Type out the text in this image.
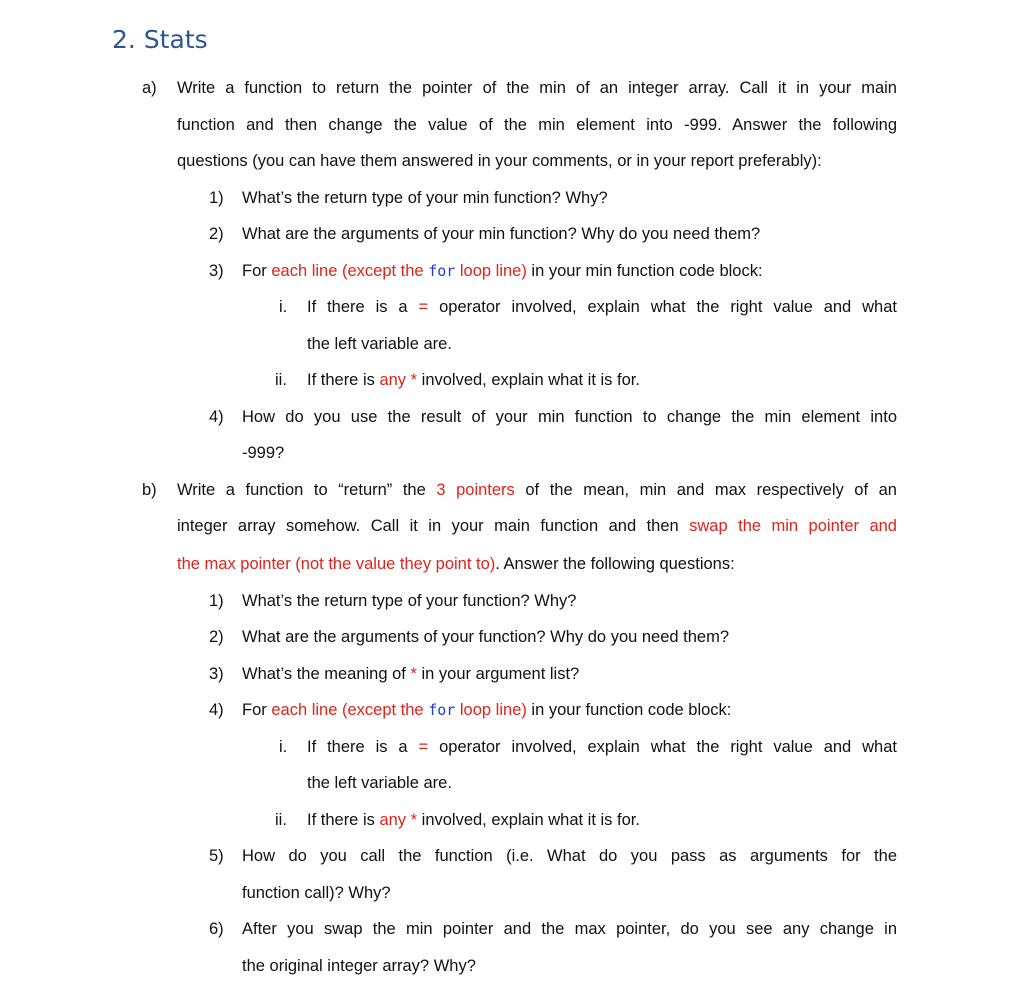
2. Stats
a) Write a function to return the pointer of the min of an integer array. Call it in your main
function and then change the value of the min element into -999. Answer the following
questions (you can have them answered in your comments, or in your report preferably):
1) What’s the return type of your min function? Why?
2) What are the arguments of your min function? Why do you need them?
3) For each line (except the for loop line) in your min function code block:
i. If there is a = operator involved, explain what the right value and what
the left variable are.
ii. If there is any * involved, explain what it is for.
4) How do you use the result of your min function to change the min element into
-999?
b) Write a function to “return” the 3 pointers of the mean, min and max respectively of an
integer array somehow. Call it in your main function and then swap the min pointer and
the max pointer (not the value they point to). Answer the following questions:
1) What’s the return type of your function? Why?
2) What are the arguments of your function? Why do you need them?
3) What’s the meaning of * in your argument list?
4) For each line (except the for loop line) in your function code block:
i. If there is a = operator involved, explain what the right value and what
the left variable are.
ii. If there is any * involved, explain what it is for.
5) How do you call the function (i.e. What do you pass as arguments for the
function call)? Why?
6) After you swap the min pointer and the max pointer, do you see any change in
the original integer array? Why?
